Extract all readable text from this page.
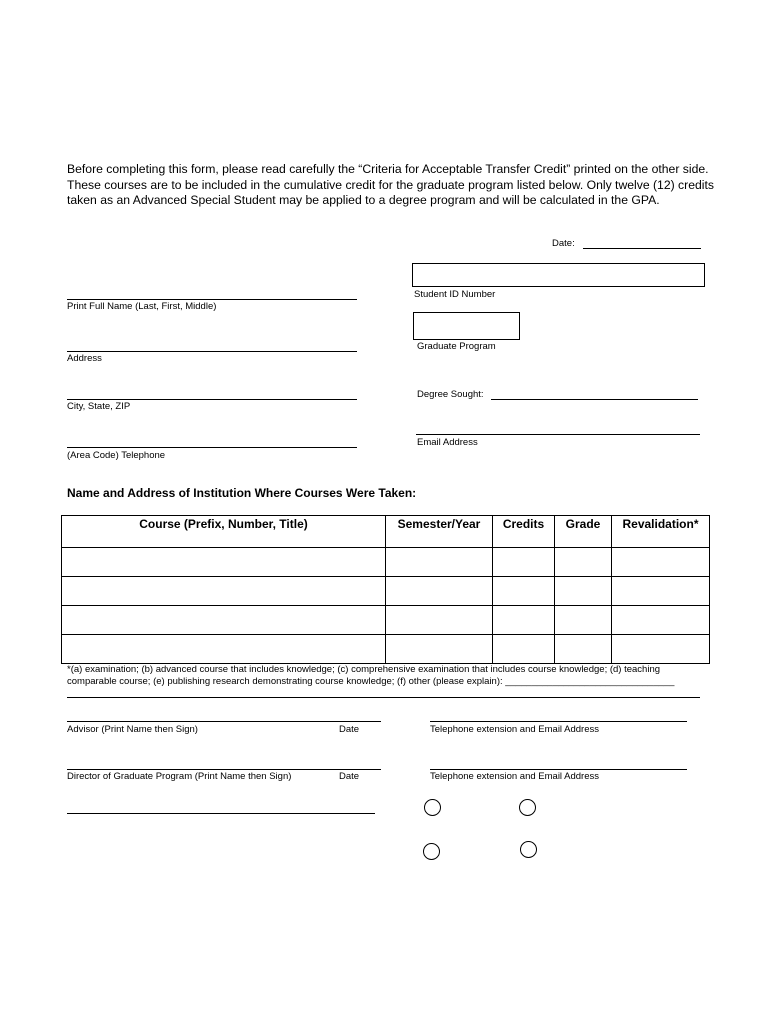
Before completing this form, please read carefully the “Criteria for Acceptable Transfer Credit” printed on the other side. These courses are to be included in the cumulative credit for the graduate program listed below. Only twelve (12) credits taken as an Advanced Special Student may be applied to a degree program and will be calculated in the GPA.
Date:
Student ID Number
Print Full Name (Last, First, Middle)
Graduate Program
Address
Degree Sought:
City, State, ZIP
Email Address
(Area Code) Telephone
Name and Address of Institution Where Courses Were Taken:
Course (Prefix, Number, Title)	Semester/Year	Credits	Grade	Revalidation*

*(a) examination; (b) advanced course that includes knowledge; (c) comprehensive examination that includes course knowledge; (d) teaching comparable course; (e) publishing research demonstrating course knowledge; (f) other (please explain): ________________________________
Advisor (Print Name then Sign)	Date	Telephone extension and Email Address
Director of Graduate Program (Print Name then Sign)	Date	Telephone extension and Email Address
